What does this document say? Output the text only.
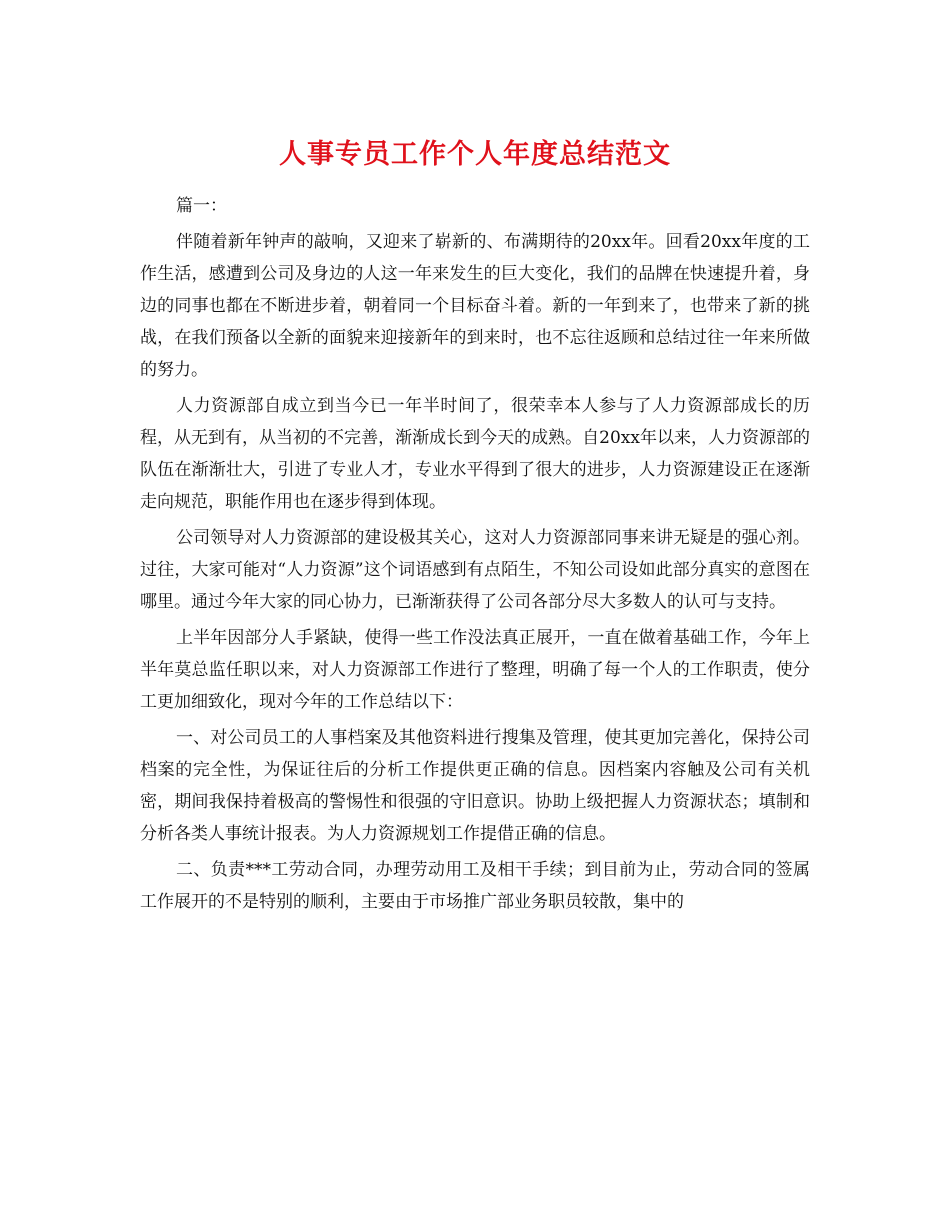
人事专员工作个人年度总结范文

篇一：

伴随着新年钟声的敲响，又迎来了崭新的、布满期待的20xx年。回看20xx年度的工作生活，感遭到公司及身边的人这一年来发生的巨大变化，我们的品牌在快速提升着，身边的同事也都在不断进步着，朝着同一个目标奋斗着。新的一年到来了，也带来了新的挑战，在我们预备以全新的面貌来迎接新年的到来时，也不忘往返顾和总结过往一年来所做的努力。

人力资源部自成立到当今已一年半时间了，很荣幸本人参与了人力资源部成长的历程，从无到有，从当初的不完善，渐渐成长到今天的成熟。自20xx年以来，人力资源部的队伍在渐渐壮大，引进了专业人才，专业水平得到了很大的进步，人力资源建设正在逐渐走向规范，职能作用也在逐步得到体现。

公司领导对人力资源部的建设极其关心，这对人力资源部同事来讲无疑是的强心剂。过往，大家可能对“人力资源”这个词语感到有点陌生，不知公司设如此部分真实的意图在哪里。通过今年大家的同心协力，已渐渐获得了公司各部分尽大多数人的认可与支持。

上半年因部分人手紧缺，使得一些工作没法真正展开，一直在做着基础工作，今年上半年莫总监任职以来，对人力资源部工作进行了整理，明确了每一个人的工作职责，使分工更加细致化，现对今年的工作总结以下：

一、对公司员工的人事档案及其他资料进行搜集及管理，使其更加完善化，保持公司档案的完全性，为保证往后的分析工作提供更正确的信息。因档案内容触及公司有关机密，期间我保持着极高的警惕性和很强的守旧意识。协助上级把握人力资源状态；填制和分析各类人事统计报表。为人力资源规划工作提借正确的信息。

二、负责***工劳动合同，办理劳动用工及相干手续；到目前为止，劳动合同的签属工作展开的不是特别的顺利，主要由于市场推广部业务职员较散，集中的
